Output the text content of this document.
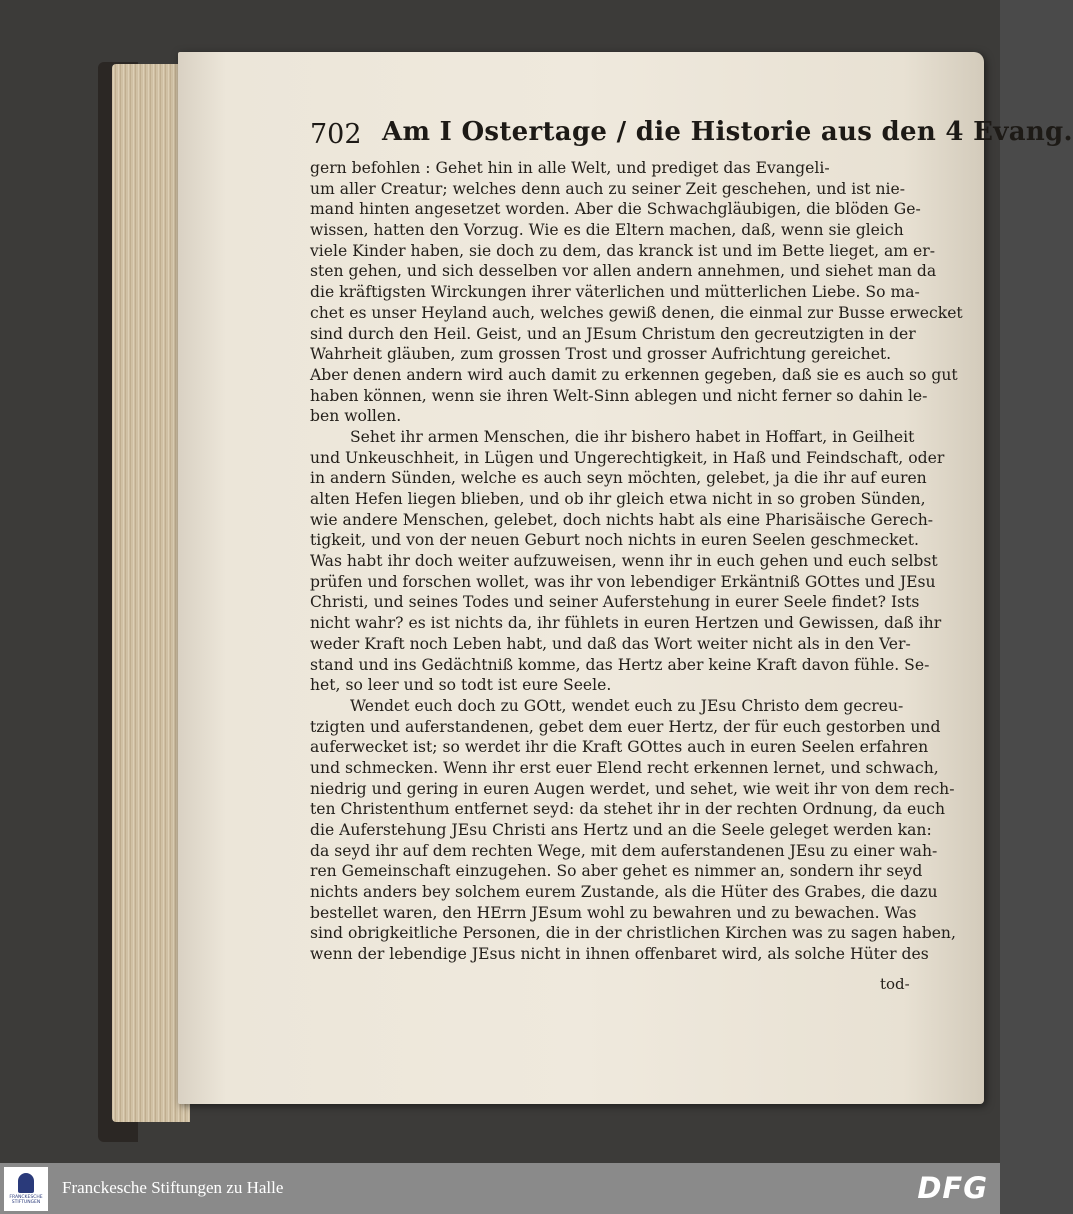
702 Am I Ostertage / die Historie aus den 4 Evang.
gern befohlen : Gehet hin in alle Welt, und prediget das Evangeli-
um aller Creatur; welches denn auch zu seiner Zeit geschehen, und ist nie-
mand hinten angesetzet worden. Aber die Schwachgläubigen, die blöden Ge-
wissen, hatten den Vorzug. Wie es die Eltern machen, daß, wenn sie gleich
viele Kinder haben, sie doch zu dem, das kranck ist und im Bette lieget, am er-
sten gehen, und sich desselben vor allen andern annehmen, und siehet man da
die kräftigsten Wirckungen ihrer väterlichen und mütterlichen Liebe. So ma-
chet es unser Heyland auch, welches gewiß denen, die einmal zur Busse erwecket
sind durch den Heil. Geist, und an JEsum Christum den gecreutzigten in der
Wahrheit gläuben, zum grossen Trost und grosser Aufrichtung gereichet.
Aber denen andern wird auch damit zu erkennen gegeben, daß sie es auch so gut
haben können, wenn sie ihren Welt-Sinn ablegen und nicht ferner so dahin le-
ben wollen.
Sehet ihr armen Menschen, die ihr bishero habet in Hoffart, in Geilheit
und Unkeuschheit, in Lügen und Ungerechtigkeit, in Haß und Feindschaft, oder
in andern Sünden, welche es auch seyn möchten, gelebet, ja die ihr auf euren
alten Hefen liegen blieben, und ob ihr gleich etwa nicht in so groben Sünden,
wie andere Menschen, gelebet, doch nichts habt als eine Pharisäische Gerech-
tigkeit, und von der neuen Geburt noch nichts in euren Seelen geschmecket.
Was habt ihr doch weiter aufzuweisen, wenn ihr in euch gehen und euch selbst
prüfen und forschen wollet, was ihr von lebendiger Erkäntniß GOttes und JEsu
Christi, und seines Todes und seiner Auferstehung in eurer Seele findet? Ists
nicht wahr? es ist nichts da, ihr fühlets in euren Hertzen und Gewissen, daß ihr
weder Kraft noch Leben habt, und daß das Wort weiter nicht als in den Ver-
stand und ins Gedächtniß komme, das Hertz aber keine Kraft davon fühle. Se-
het, so leer und so todt ist eure Seele.
Wendet euch doch zu GOtt, wendet euch zu JEsu Christo dem gecreu-
tzigten und auferstandenen, gebet dem euer Hertz, der für euch gestorben und
auferwecket ist; so werdet ihr die Kraft GOttes auch in euren Seelen erfahren
und schmecken. Wenn ihr erst euer Elend recht erkennen lernet, und schwach,
niedrig und gering in euren Augen werdet, und sehet, wie weit ihr von dem rech-
ten Christenthum entfernet seyd: da stehet ihr in der rechten Ordnung, da euch
die Auferstehung JEsu Christi ans Hertz und an die Seele geleget werden kan:
da seyd ihr auf dem rechten Wege, mit dem auferstandenen JEsu zu einer wah-
ren Gemeinschaft einzugehen. So aber gehet es nimmer an, sondern ihr seyd
nichts anders bey solchem eurem Zustande, als die Hüter des Grabes, die dazu
bestellet waren, den HErrn JEsum wohl zu bewahren und zu bewachen. Was
sind obrigkeitliche Personen, die in der christlichen Kirchen was zu sagen haben,
wenn der lebendige JEsus nicht in ihnen offenbaret wird, als solche Hüter des
tod-
FRANCKESCHE STIFTUNGEN
Franckesche Stiftungen zu Halle	DFG
